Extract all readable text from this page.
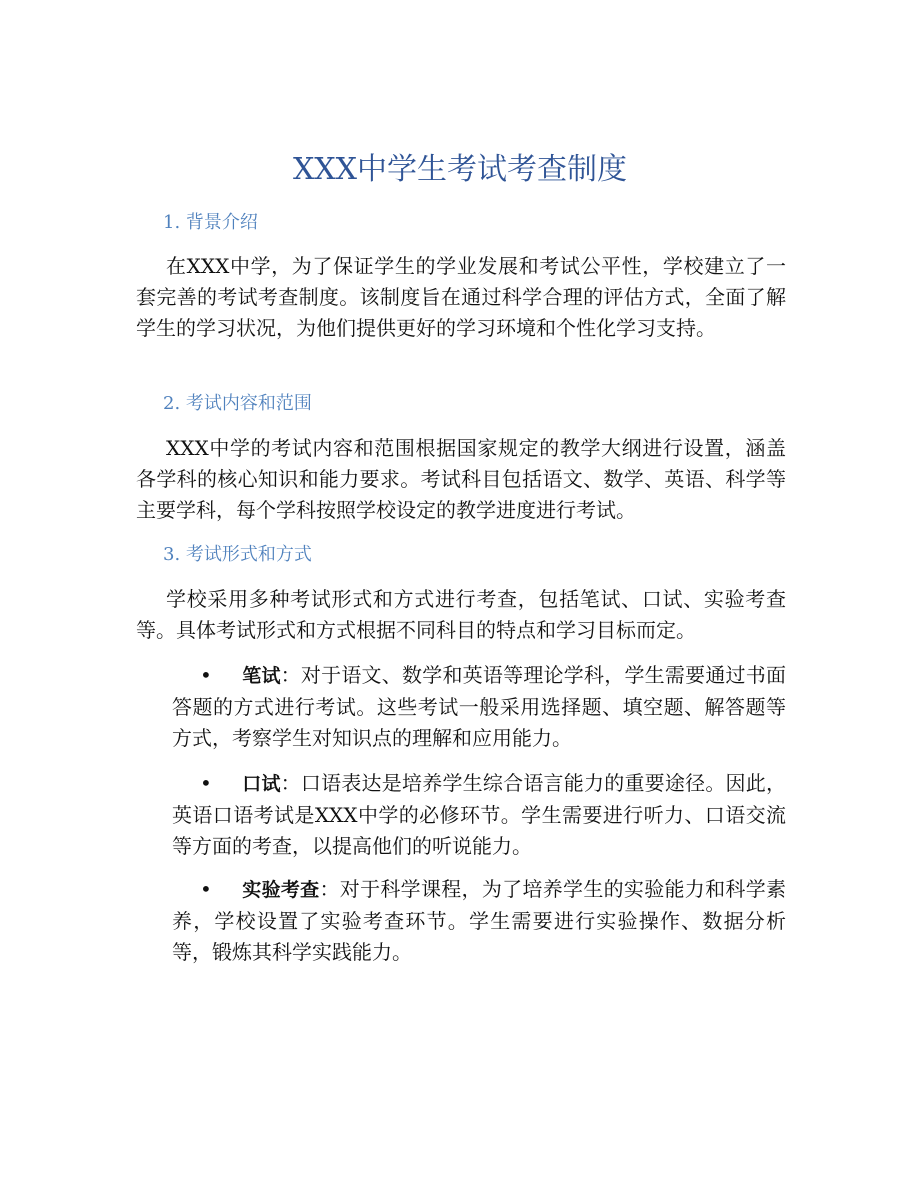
XXX中学生考试考查制度
1. 背景介绍

在XXX中学，为了保证学生的学业发展和考试公平性，学校建立了一套完善的考试考查制度。该制度旨在通过科学合理的评估方式，全面了解学生的学习状况，为他们提供更好的学习环境和个性化学习支持。

2. 考试内容和范围

XXX中学的考试内容和范围根据国家规定的教学大纲进行设置，涵盖各学科的核心知识和能力要求。考试科目包括语文、数学、英语、科学等主要学科，每个学科按照学校设定的教学进度进行考试。

3. 考试形式和方式

学校采用多种考试形式和方式进行考查，包括笔试、口试、实验考查等。具体考试形式和方式根据不同科目的特点和学习目标而定。

•	笔试：对于语文、数学和英语等理论学科，学生需要通过书面答题的方式进行考试。这些考试一般采用选择题、填空题、解答题等方式，考察学生对知识点的理解和应用能力。

•	口试：口语表达是培养学生综合语言能力的重要途径。因此，英语口语考试是XXX中学的必修环节。学生需要进行听力、口语交流等方面的考查，以提高他们的听说能力。

•	实验考查：对于科学课程，为了培养学生的实验能力和科学素养，学校设置了实验考查环节。学生需要进行实验操作、数据分析等，锻炼其科学实践能力。
